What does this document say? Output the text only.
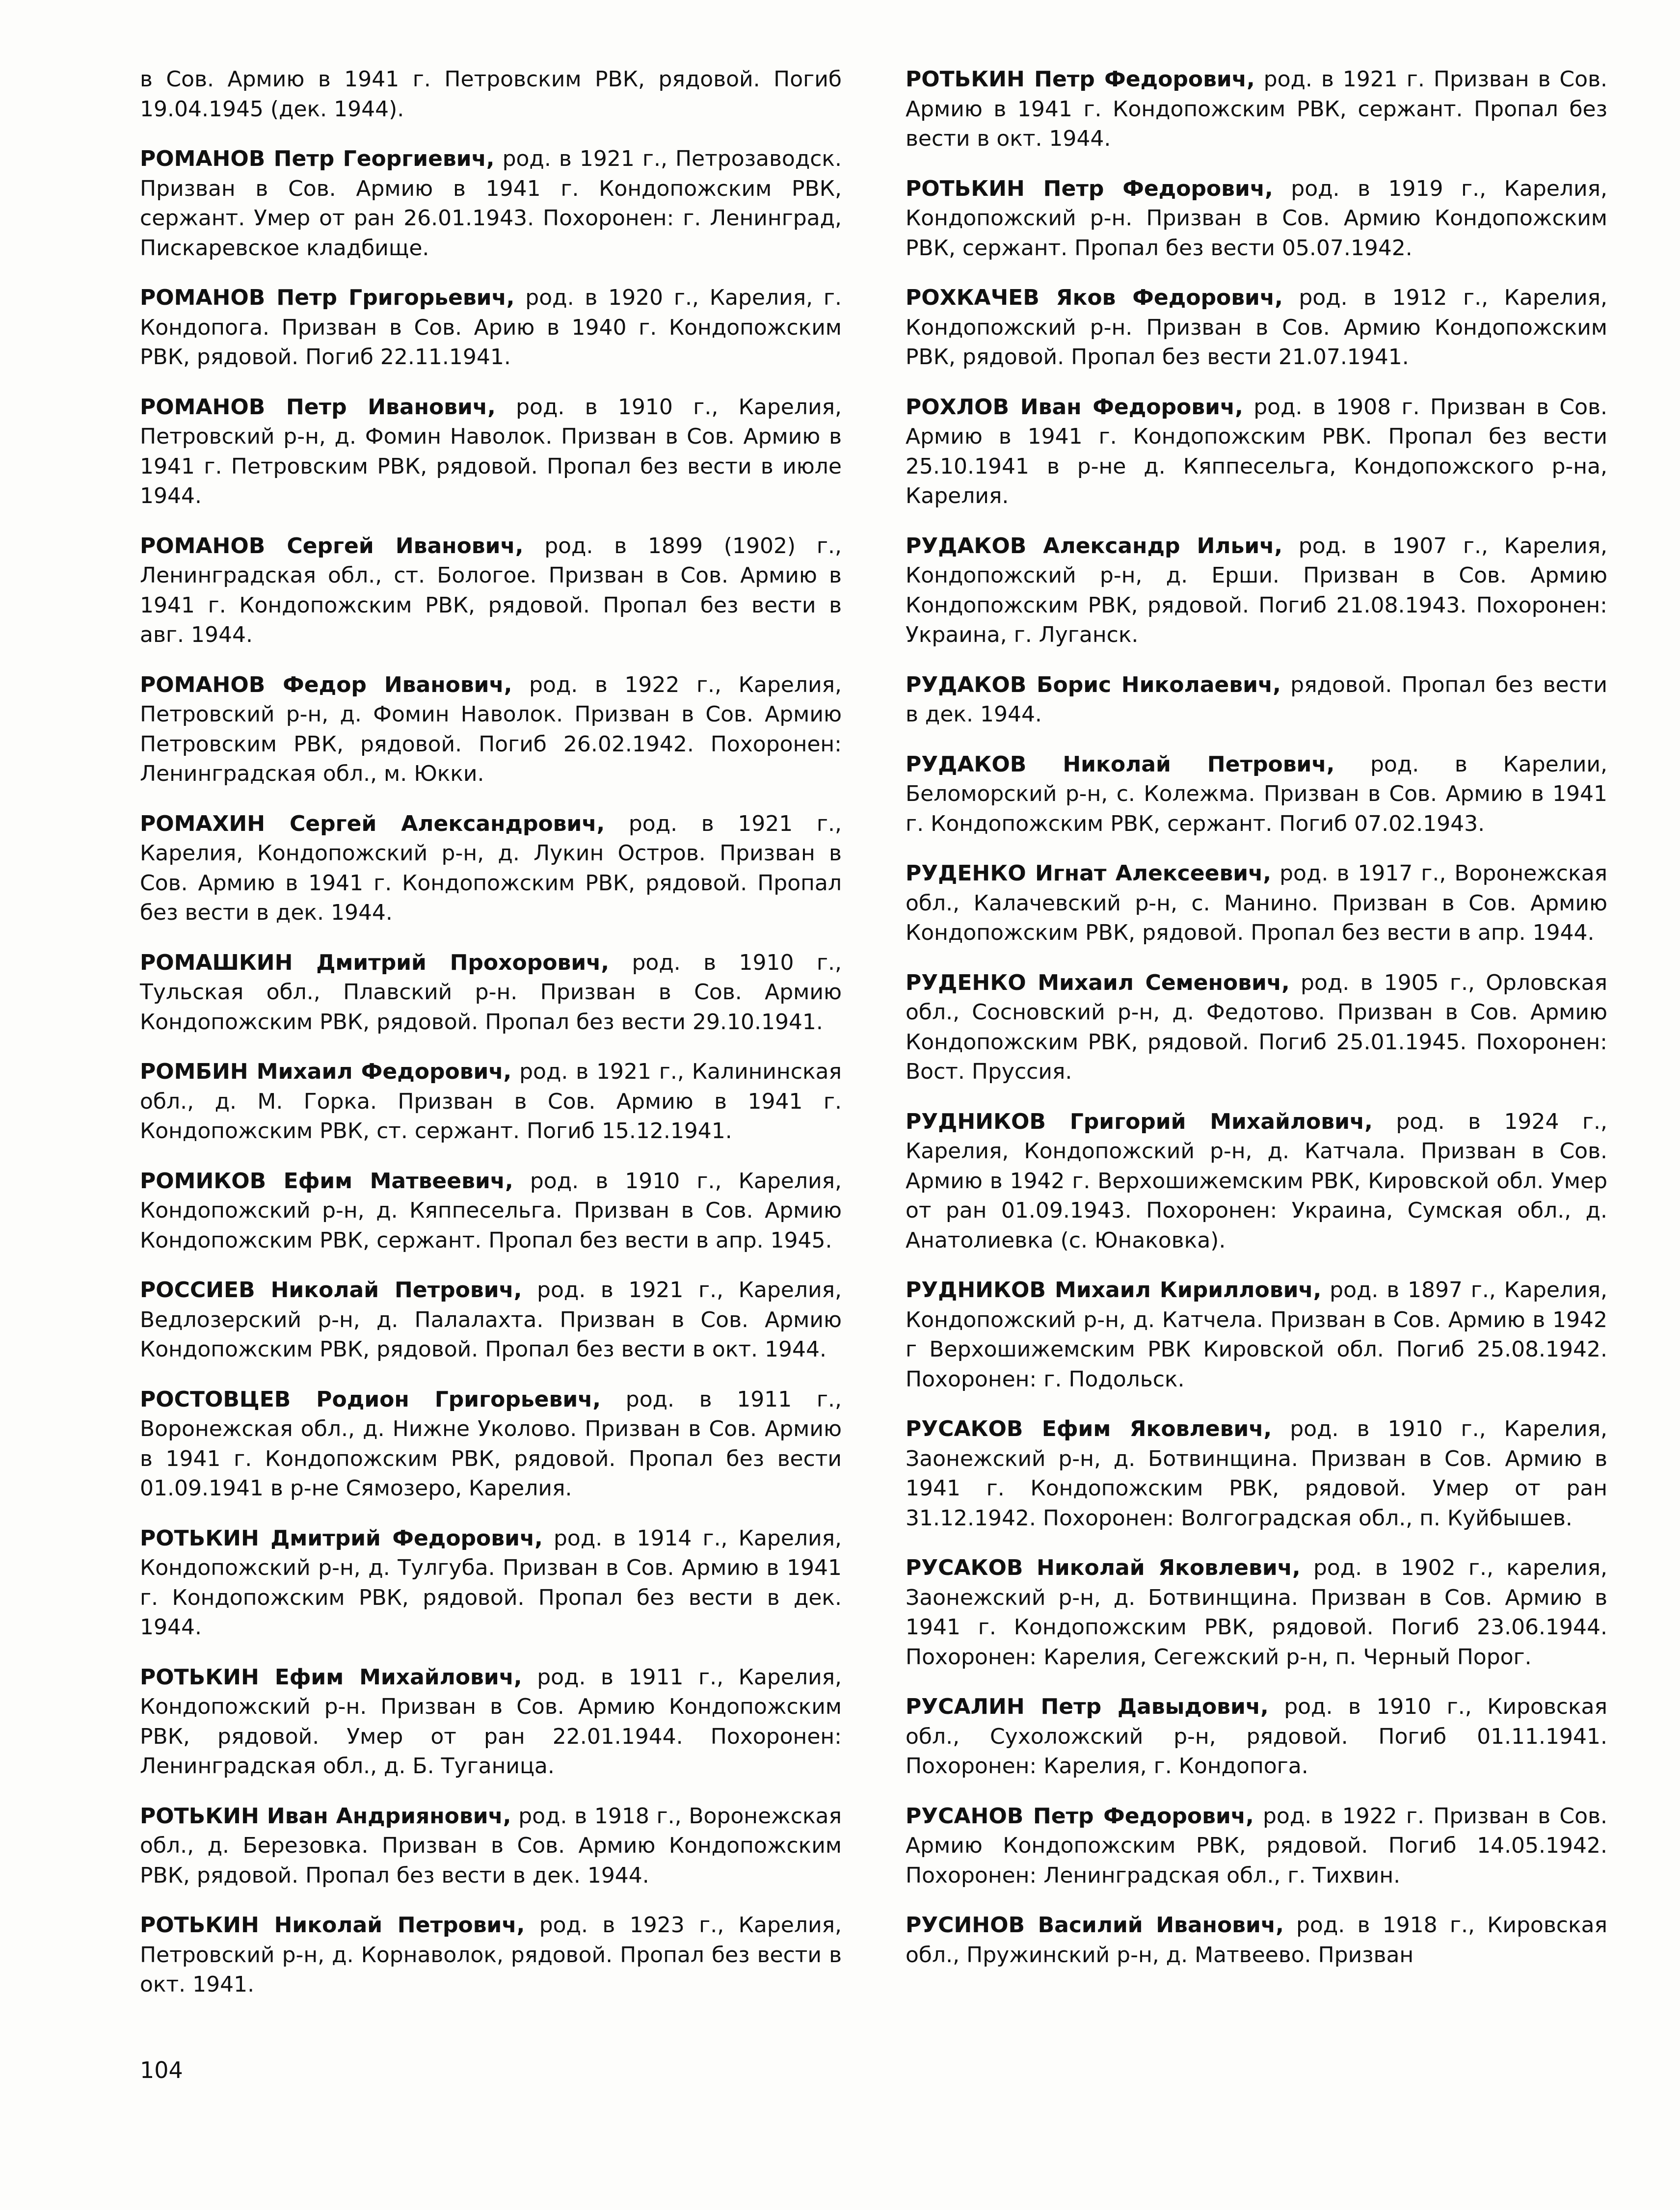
в Сов. Армию в 1941 г. Петровским РВК, рядовой. Погиб 19.04.1945 (дек. 1944).

РОМАНОВ Петр Георгиевич, род. в 1921 г., Петрозаводск. Призван в Сов. Армию в 1941 г. Кондопожским РВК, сержант. Умер от ран 26.01.1943. Похоронен: г. Ленинград, Пискаревское кладбище.

РОМАНОВ Петр Григорьевич, род. в 1920 г., Карелия, г. Кондопога. Призван в Сов. Арию в 1940 г. Кондопожским РВК, рядовой. Погиб 22.11.1941.

РОМАНОВ Петр Иванович, род. в 1910 г., Карелия, Петровский р-н, д. Фомин Наволок. Призван в Сов. Армию в 1941 г. Петровским РВК, рядовой. Пропал без вести в июле 1944.

РОМАНОВ Сергей Иванович, род. в 1899 (1902) г., Ленинградская обл., ст. Бологое. Призван в Сов. Армию в 1941 г. Кондопожским РВК, рядовой. Пропал без вести в авг. 1944.

РОМАНОВ Федор Иванович, род. в 1922 г., Карелия, Петровский р-н, д. Фомин Наволок. Призван в Сов. Армию Петровским РВК, рядовой. Погиб 26.02.1942. Похоронен: Ленинградская обл., м. Юкки.

РОМАХИН Сергей Александрович, род. в 1921 г., Карелия, Кондопожский р-н, д. Лукин Остров. Призван в Сов. Армию в 1941 г. Кондопожским РВК, рядовой. Пропал без вести в дек. 1944.

РОМАШКИН Дмитрий Прохорович, род. в 1910 г., Тульская обл., Плавский р-н. Призван в Сов. Армию Кондопожским РВК, рядовой. Пропал без вести 29.10.1941.

РОМБИН Михаил Федорович, род. в 1921 г., Калининская обл., д. М. Горка. Призван в Сов. Армию в 1941 г. Кондопожским РВК, ст. сержант. Погиб 15.12.1941.

РОМИКОВ Ефим Матвеевич, род. в 1910 г., Карелия, Кондопожский р-н, д. Кяппесельга. Призван в Сов. Армию Кондопожским РВК, сержант. Пропал без вести в апр. 1945.

РОССИЕВ Николай Петрович, род. в 1921 г., Карелия, Ведлозерский р-н, д. Палалахта. Призван в Сов. Армию Кондопожским РВК, рядовой. Пропал без вести в окт. 1944.

РОСТОВЦЕВ Родион Григорьевич, род. в 1911 г., Воронежская обл., д. Нижне Уколово. Призван в Сов. Армию в 1941 г. Кондопожским РВК, рядовой. Пропал без вести 01.09.1941 в р-не Сямозеро, Карелия.

РОТЬКИН Дмитрий Федорович, род. в 1914 г., Карелия, Кондопожский р-н, д. Тулгуба. Призван в Сов. Армию в 1941 г. Кондопожским РВК, рядовой. Пропал без вести в дек. 1944.

РОТЬКИН Ефим Михайлович, род. в 1911 г., Карелия, Кондопожский р-н. Призван в Сов. Армию Кондопожским РВК, рядовой. Умер от ран 22.01.1944. Похоронен: Ленинградская обл., д. Б. Туганица.

РОТЬКИН Иван Андриянович, род. в 1918 г., Воронежская обл., д. Березовка. Призван в Сов. Армию Кондопожским РВК, рядовой. Пропал без вести в дек. 1944.

РОТЬКИН Николай Петрович, род. в 1923 г., Карелия, Петровский р-н, д. Корнаволок, рядовой. Пропал без вести в окт. 1941.

РОТЬКИН Петр Федорович, род. в 1921 г. Призван в Сов. Армию в 1941 г. Кондопожским РВК, сержант. Пропал без вести в окт. 1944.

РОТЬКИН Петр Федорович, род. в 1919 г., Карелия, Кондопожский р-н. Призван в Сов. Армию Кондопожским РВК, сержант. Пропал без вести 05.07.1942.

РОХКАЧЕВ Яков Федорович, род. в 1912 г., Карелия, Кондопожский р-н. Призван в Сов. Армию Кондопожским РВК, рядовой. Пропал без вести 21.07.1941.

РОХЛОВ Иван Федорович, род. в 1908 г. Призван в Сов. Армию в 1941 г. Кондопожским РВК. Пропал без вести 25.10.1941 в р-не д. Кяппесельга, Кондопожского р-на, Карелия.

РУДАКОВ Александр Ильич, род. в 1907 г., Карелия, Кондопожский р-н, д. Ерши. Призван в Сов. Армию Кондопожским РВК, рядовой. Погиб 21.08.1943. Похоронен: Украина, г. Луганск.

РУДАКОВ Борис Николаевич, рядовой. Пропал без вести в дек. 1944.

РУДАКОВ Николай Петрович, род. в Карелии, Беломорский р-н, с. Колежма. Призван в Сов. Армию в 1941 г. Кондопожским РВК, сержант. Погиб 07.02.1943.

РУДЕНКО Игнат Алексеевич, род. в 1917 г., Воронежская обл., Калачевский р-н, с. Манино. Призван в Сов. Армию Кондопожским РВК, рядовой. Пропал без вести в апр. 1944.

РУДЕНКО Михаил Семенович, род. в 1905 г., Орловская обл., Сосновский р-н, д. Федотово. Призван в Сов. Армию Кондопожским РВК, рядовой. Погиб 25.01.1945. Похоронен: Вост. Пруссия.

РУДНИКОВ Григорий Михайлович, род. в 1924 г., Карелия, Кондопожский р-н, д. Катчала. Призван в Сов. Армию в 1942 г. Верхошижемским РВК, Кировской обл. Умер от ран 01.09.1943. Похоронен: Украина, Сумская обл., д. Анатолиевка (с. Юнаковка).

РУДНИКОВ Михаил Кириллович, род. в 1897 г., Карелия, Кондопожский р-н, д. Катчела. Призван в Сов. Армию в 1942 г Верхошижемским РВК Кировской обл. Погиб 25.08.1942. Похоронен: г. Подольск.

РУСАКОВ Ефим Яковлевич, род. в 1910 г., Карелия, Заонежский р-н, д. Ботвинщина. Призван в Сов. Армию в 1941 г. Кондопожским РВК, рядовой. Умер от ран 31.12.1942. Похоронен: Волгоградская обл., п. Куйбышев.

РУСАКОВ Николай Яковлевич, род. в 1902 г., карелия, Заонежский р-н, д. Ботвинщина. Призван в Сов. Армию в 1941 г. Кондопожским РВК, рядовой. Погиб 23.06.1944. Похоронен: Карелия, Сегежский р-н, п. Черный Порог.

РУСАЛИН Петр Давыдович, род. в 1910 г., Кировская обл., Сухоложский р-н, рядовой. Погиб 01.11.1941. Похоронен: Карелия, г. Кондопога.

РУСАНОВ Петр Федорович, род. в 1922 г. Призван в Сов. Армию Кондопожским РВК, рядовой. Погиб 14.05.1942. Похоронен: Ленинградская обл., г. Тихвин.

РУСИНОВ Василий Иванович, род. в 1918 г., Кировская обл., Пружинский р-н, д. Матвеево. Призван

104
